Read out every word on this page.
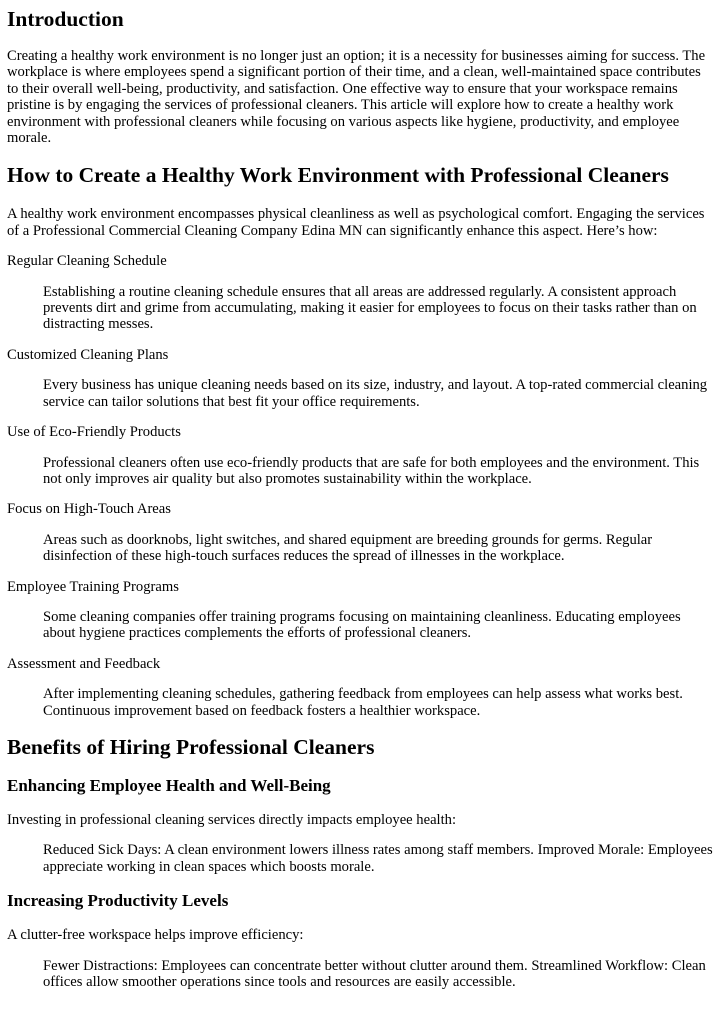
Introduction

Creating a healthy work environment is no longer just an option; it is a necessity for businesses aiming for success. The workplace is where employees spend a significant portion of their time, and a clean, well-maintained space contributes to their overall well-being, productivity, and satisfaction. One effective way to ensure that your workspace remains pristine is by engaging the services of professional cleaners. This article will explore how to create a healthy work environment with professional cleaners while focusing on various aspects like hygiene, productivity, and employee morale.

How to Create a Healthy Work Environment with Professional Cleaners

A healthy work environment encompasses physical cleanliness as well as psychological comfort. Engaging the services of a Professional Commercial Cleaning Company Edina MN can significantly enhance this aspect. Here’s how:

Regular Cleaning Schedule

Establishing a routine cleaning schedule ensures that all areas are addressed regularly. A consistent approach prevents dirt and grime from accumulating, making it easier for employees to focus on their tasks rather than on distracting messes.

Customized Cleaning Plans

Every business has unique cleaning needs based on its size, industry, and layout. A top-rated commercial cleaning service can tailor solutions that best fit your office requirements.

Use of Eco-Friendly Products

Professional cleaners often use eco-friendly products that are safe for both employees and the environment. This not only improves air quality but also promotes sustainability within the workplace.

Focus on High-Touch Areas

Areas such as doorknobs, light switches, and shared equipment are breeding grounds for germs. Regular disinfection of these high-touch surfaces reduces the spread of illnesses in the workplace.

Employee Training Programs

Some cleaning companies offer training programs focusing on maintaining cleanliness. Educating employees about hygiene practices complements the efforts of professional cleaners.

Assessment and Feedback

After implementing cleaning schedules, gathering feedback from employees can help assess what works best. Continuous improvement based on feedback fosters a healthier workspace.

Benefits of Hiring Professional Cleaners
Enhancing Employee Health and Well-Being

Investing in professional cleaning services directly impacts employee health:

Reduced Sick Days: A clean environment lowers illness rates among staff members. Improved Morale: Employees appreciate working in clean spaces which boosts morale.

Increasing Productivity Levels

A clutter-free workspace helps improve efficiency:

Fewer Distractions: Employees can concentrate better without clutter around them. Streamlined Workflow: Clean offices allow smoother operations since tools and resources are easily accessible.
